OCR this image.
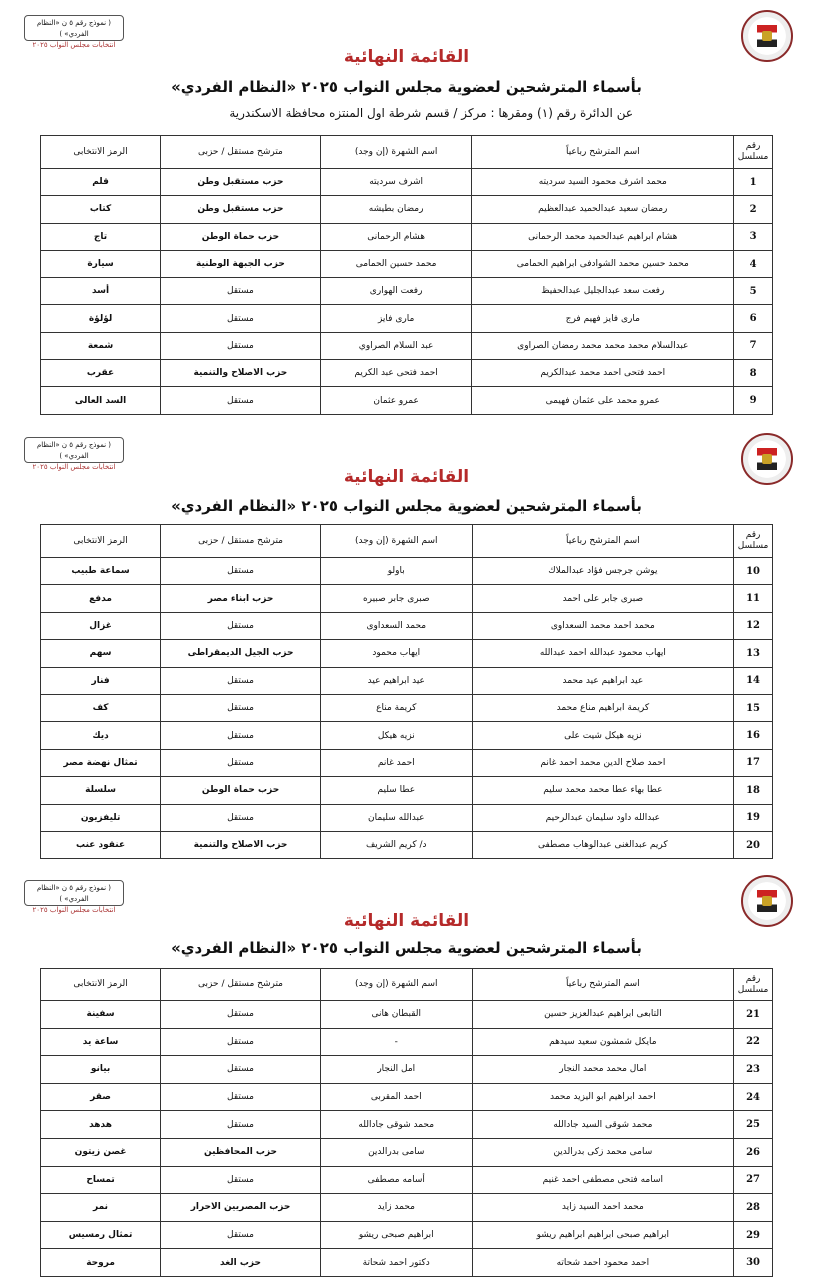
( نموذج رقم ٥ ن «النظام الفردي» )
انتخابات مجلس النواب ٢٠٢٥
القائمة النهائية
بأسماء المترشحين لعضوية مجلس النواب ٢٠٢٥ «النظام الفردي»
عن الدائرة رقم (١) ومقرها : مركز / قسم شرطة اول المنتزه محافظة الاسكندرية
رقم مسلسل	اسم المترشح رباعياً	اسم الشهرة (إن وجد)	مترشح مستقل / حزبى	الرمز الانتخابى
1	محمد اشرف محمود السيد سرديته	اشرف سرديته	حزب مستقبل وطن	قلم
2	رمضان سعيد عبدالحميد عبدالعظيم	رمضان بطيشه	حزب مستقبل وطن	كتاب
3	هشام ابراهيم عبدالحميد محمد الرحمانى	هشام الرحمانى	حزب حماة الوطن	تاج
4	محمد حسين محمد الشوادفى ابراهيم الحمامى	محمد حسين الحمامى	حزب الجبهة الوطنية	سيارة
5	رفعت سعد عبدالجليل عبدالحفيظ	رفعت الهوارى	مستقل	أسد
6	مارى فايز فهيم فرج	مارى فايز	مستقل	لؤلؤة
7	عبدالسلام محمد محمد محمد رمضان الصراوى	عبد السلام الصراوي	مستقل	شمعة
8	احمد فتحى احمد محمد عبدالكريم	احمد فتحى عبد الكريم	حزب الاصلاح والتنمية	عقرب
9	عمرو محمد على عثمان فهيمى	عمرو عثمان	مستقل	السد العالى
( نموذج رقم ٥ ن «النظام الفردي» )
انتخابات مجلس النواب ٢٠٢٥	القائمة النهائية
بأسماء المترشحين لعضوية مجلس النواب ٢٠٢٥ «النظام الفردي»
رقم مسلسل	اسم المترشح رباعياً	اسم الشهرة (إن وجد)	مترشح مستقل / حزبى	الرمز الانتخابى
10	يوشن جرجس فؤاد عبدالملاك	باولو	مستقل	سماعة طبيب
11	صبرى جابر على احمد	صبرى جابر صبيره	حزب ابناء مصر	مدفع
12	محمد احمد محمد السعداوى	محمد السعداوى	مستقل	غزال
13	ايهاب محمود عبدالله احمد عبدالله	ايهاب محمود	حزب الجيل الديمقراطى	سهم
14	عيد ابراهيم عيد محمد	عيد ابراهيم عيد	مستقل	فنار
15	كريمة ابراهيم مناع محمد	كريمة مناع	مستقل	كف
16	نزيه هيكل شيت على	نزيه هيكل	مستقل	ديك
17	احمد صلاح الدين محمد احمد غانم	احمد غانم	مستقل	تمثال نهضة مصر
18	عطا بهاء عطا محمد محمد سليم	عطا سليم	حزب حماة الوطن	سلسلة
19	عبدالله داود سليمان عبدالرحيم	عبدالله سليمان	مستقل	تليفزيون
20	كريم عبدالغنى عبدالوهاب مصطفى	د/ كريم الشريف	حزب الاصلاح والتنمية	عنقود عنب
( نموذج رقم ٥ ن «النظام الفردي» )
انتخابات مجلس النواب ٢٠٢٥
القائمة النهائية
بأسماء المترشحين لعضوية مجلس النواب ٢٠٢٥ «النظام الفردي»
رقم مسلسل	اسم المترشح رباعياً	اسم الشهرة (إن وجد)	مترشح مستقل / حزبى	الرمز الانتخابى
21	التابعى ابراهيم عبدالعزيز حسين	القبطان هانى	مستقل	سفينة
22	مايكل شمشون سعيد سيدهم	-	مستقل	ساعة يد
23	امال محمد محمد النجار	امل النجار	مستقل	بيانو
24	احمد ابراهيم ابو اليزيد محمد	احمد المقربى	مستقل	صقر
25	محمد شوقى السيد جادالله	محمد شوقى جادالله	مستقل	هدهد
26	سامى محمد زكى بدرالدين	سامى بدرالدين	حزب المحافظين	غصن زيتون
27	اسامه فتحى مصطفى احمد غنيم	أسامه مصطفى	مستقل	تمساح
28	محمد احمد السيد زايد	محمد زايد	حزب المصريين الاحرار	نمر
29	ابراهيم صبحى ابراهيم ابراهيم ريشو	ابراهيم صبحى ريشو	مستقل	تمثال رمسيس
30	احمد محمود احمد شحاته	دكتور احمد شحاتة	حزب الغد	مروحة
